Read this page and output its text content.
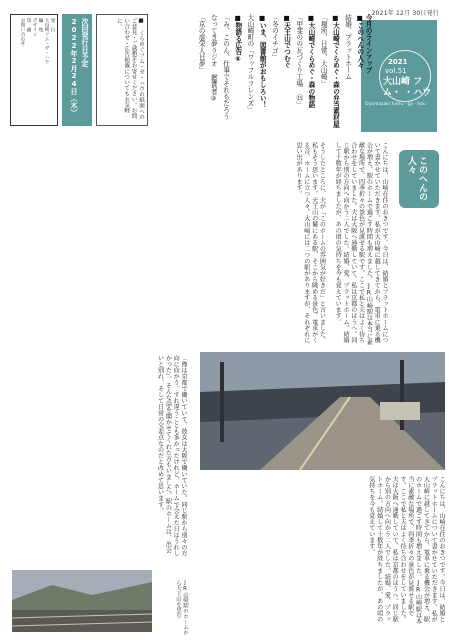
2021年 12月 30日発行
2021
vol.51
大山崎 フム・ ・ハウ
Oyamazaki fumu · ga · hau
今月のラインアップ
■このへんの人々
結婚、プラットホーム
■大山崎でくらめぐ・森の弁当素材屋
「場所、日常、大山崎」
■大山崎でくらめぐ・森の物語
「甲斐のの瓦づくり工場 ⑮」
■天王山でつむぐ
「冬のイチゴ」
■いま、図書館がおもしろい！
大山崎町の「ワッフルフレンズ」
■物語る広告⑥
「み、このん、仕事でそれもたろう
なってき夢ラジオ 鑑賞者③
「京の虚栄人日夢」
■ くらめぐフム・ガ・ハウの紙面へのご意見・ご感想をお寄せください。お問い合わせ・広告掲載についてもお気軽に。
次回発行日予定
2022年2月24日（木）
発 行
大山崎フム・ガ・ハウ
編 集
デザイン
印 刷
お問い合わせ
このへんの人々

こんにちは、山崎在住のおきつです。今日は、結婚とプラットホームについて書かせていただきます。私が大山崎に越してきてから、電車に乗る機会が増え、駅のホームで過ごす時間も増えました。JR山崎駅は本当に素敵な場所で、四季折々の景色が見渡せる駅です。ここで私と夫はよく待ち合わせをしていました。夫は大阪へ通勤していて、私は京都のほうへ。同じ駅から別の方向へ向かう二人でした。結婚、愛、プラットホーム。結婚して十数年が経ちましたが、あの頃の気持ちを今も覚えています。

そうしたところに、夫が「このホームの雰囲気が好きだ」と言いました。私もそう思います。天王山の麓にある駅、そこから眺める景色、電車がくる音、ホームに立つ人々。大山崎には二つの駅がありますが、それぞれに思い出があります。

「俺は京都で働いていて、彼女は大阪で働いていた。同じ駅から別々の方向に向かう。すれ違うことも多かったけれど、ホームで会えた日はうれしかった」。そんな話を聞かせてくれた方もいました。駅のホームは、出会いと別れ、そして日常の交差点なのだと改めて思います。

こんにちは、山崎在住のおきつです。今日は、結婚とプラットホームについて書かせていただきます。私が大山崎に越してきてから、電車に乗る機会が増え、駅のホームで過ごす時間も増えました。JR山崎駅は本当に素敵な場所で、四季折々の景色が見渡せる駅です。ここで私と夫はよく待ち合わせをしていました。夫は大阪へ通勤していて、私は京都のほうへ。同じ駅から別の方向へ向かう二人でした。結婚、愛、プラットホーム。結婚して十数年が経ちましたが、あの頃の気持ちを今も覚えています。

JR山崎駅のホームから天王山を望む
